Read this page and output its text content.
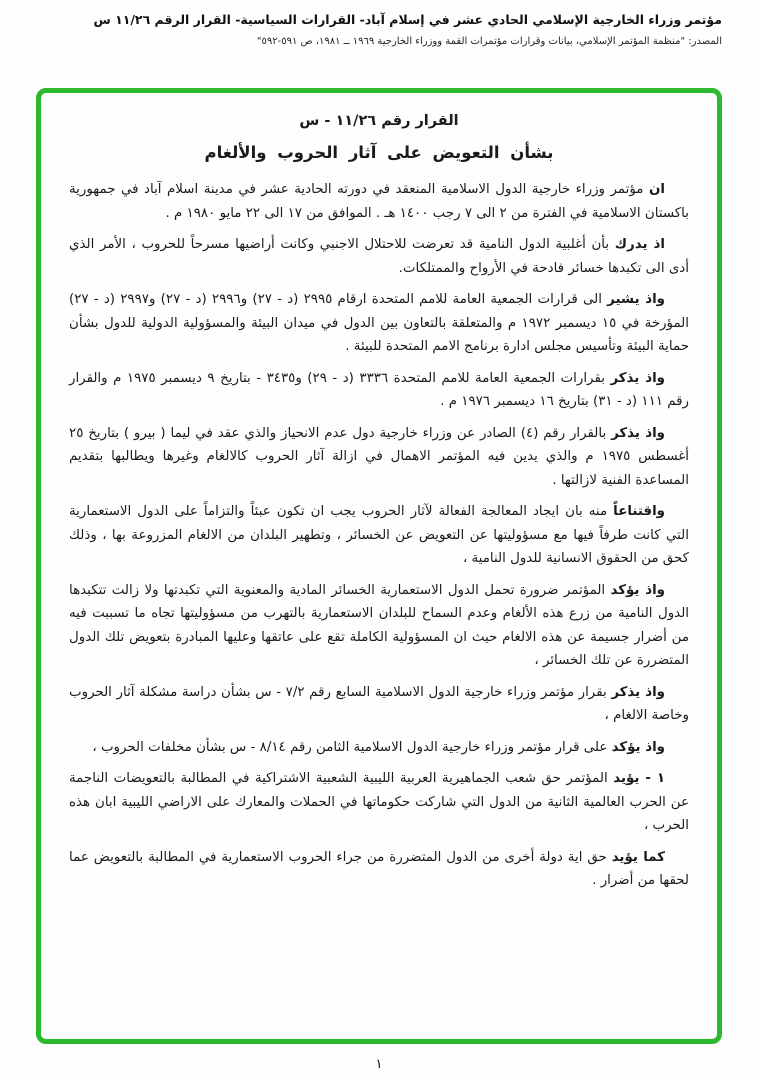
مؤتمر وزراء الخارجية الإسلامي الحادي عشر في إسلام آباد- القرارات السياسية- القرار الرقم ١١/٢٦ س
المصدر: "منظمة المؤتمر الإسلامي، بيانات وقرارات مؤتمرات القمة ووزراء الخارجية ١٩٦٩ ــ ١٩٨١، ص ٥٩١-٥٩٢"
القرار رقم ١١/٢٦ - س
بشأن التعويض على آثار الحروب والألغام

ان مؤتمر وزراء خارجية الدول الاسلامية المنعقد في دورته الحادية عشر في مدينة اسلام آباد في جمهورية باكستان الاسلامية في الفترة من ٢ الى ٧ رجب ١٤٠٠ هـ . الموافق من ١٧ الى ٢٢ مايو ١٩٨٠ م .

اذ يدرك بأن أغلبية الدول النامية قد تعرضت للاحتلال الاجنبي وكانت أراضيها مسرحاً للحروب ، الأمر الذي أدى الى تكبدها خسائر فادحة في الأرواح والممتلكات.

واذ يشير الى قرارات الجمعية العامة للامم المتحدة ارقام ٢٩٩٥ (د - ٢٧) و٢٩٩٦ (د - ٢٧) و٢٩٩٧ (د - ٢٧) المؤرخة في ١٥ ديسمبر ١٩٧٢ م والمتعلقة بالتعاون بين الدول في ميدان البيئة والمسؤولية الدولية للدول بشأن حماية البيئة وتأسيس مجلس ادارة برنامج الامم المتحدة للبيئة .

واذ يذكر بقرارات الجمعية العامة للامم المتحدة ٣٣٣٦ (د - ٢٩) و٣٤٣٥ - بتاريخ ٩ ديسمبر ١٩٧٥ م والقرار رقم ١١١ (د - ٣١) بتاريخ ١٦ ديسمبر ١٩٧٦ م .

واذ يذكر بالقرار رقم (٤) الصادر عن وزراء خارجية دول عدم الانحياز والذي عقد في ليما ( بيرو ) بتاريخ ٢٥ أغسطس ١٩٧٥ م والذي يدين فيه المؤتمر الاهمال في ازالة آثار الحروب كالالغام وغيرها ويطالبها بتقديم المساعدة الفنية لازالتها .

واقتناعاً منه بان ايجاد المعالجة الفعالة لآثار الحروب يجب ان تكون عبئاً والتزاماً على الدول الاستعمارية التي كانت طرفاً فيها مع مسؤوليتها عن التعويض عن الخسائر ، وتطهير البلدان من الالغام المزروعة بها ، وذلك كحق من الحقوق الانسانية للدول النامية ،

واذ يؤكد المؤتمر ضرورة تحمل الدول الاستعمارية الخسائر المادية والمعنوية التي تكبدتها ولا زالت تتكبدها الدول النامية من زرع هذه الألغام وعدم السماح للبلدان الاستعمارية بالتهرب من مسؤوليتها تجاه ما تسببت فيه من أضرار جسيمة عن هذه الالغام حيث ان المسؤولية الكاملة تقع على عاتقها وعليها المبادرة بتعويض تلك الدول المتضررة عن تلك الخسائر ،

واذ يذكر بقرار مؤتمر وزراء خارجية الدول الاسلامية السابع رقم ٧/٢ - س بشأن دراسة مشكلة آثار الحروب وخاصة الالغام ،

واذ يؤكد على قرار مؤتمر وزراء خارجية الدول الاسلامية الثامن رقم ٨/١٤ - س بشأن مخلفات الحروب ،

١ - يؤيد المؤتمر حق شعب الجماهيرية العربية الليبية الشعبية الاشتراكية في المطالبة بالتعويضات الناجمة عن الحرب العالمية الثانية من الدول التي شاركت حكوماتها في الحملات والمعارك على الاراضي الليبية ابان هذه الحرب ،

كما يؤيد حق اية دولة أخرى من الدول المتضررة من جراء الحروب الاستعمارية في المطالبة بالتعويض عما لحقها من أضرار .

١
